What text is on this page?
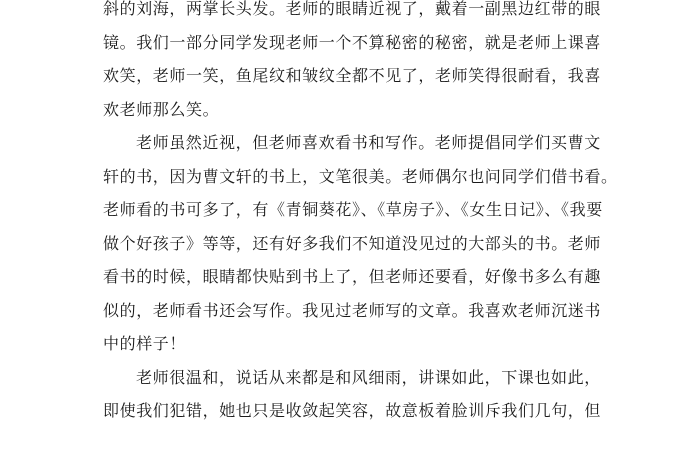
斜的刘海，两掌长头发。老师的眼睛近视了，戴着一副黑边红带的眼
镜。我们一部分同学发现老师一个不算秘密的秘密，就是老师上课喜
欢笑，老师一笑，鱼尾纹和皱纹全都不见了，老师笑得很耐看，我喜
欢老师那么笑。
老师虽然近视，但老师喜欢看书和写作。老师提倡同学们买曹文
轩的书，因为曹文轩的书上，文笔很美。老师偶尔也问同学们借书看。
老师看的书可多了，有《青铜葵花》、《草房子》、《女生日记》、《我要
做个好孩子》等等，还有好多我们不知道没见过的大部头的书。老师
看书的时候，眼睛都快贴到书上了，但老师还要看，好像书多么有趣
似的，老师看书还会写作。我见过老师写的文章。我喜欢老师沉迷书
中的样子！
老师很温和，说话从来都是和风细雨，讲课如此，下课也如此，
即使我们犯错，她也只是收敛起笑容，故意板着脸训斥我们几句，但
